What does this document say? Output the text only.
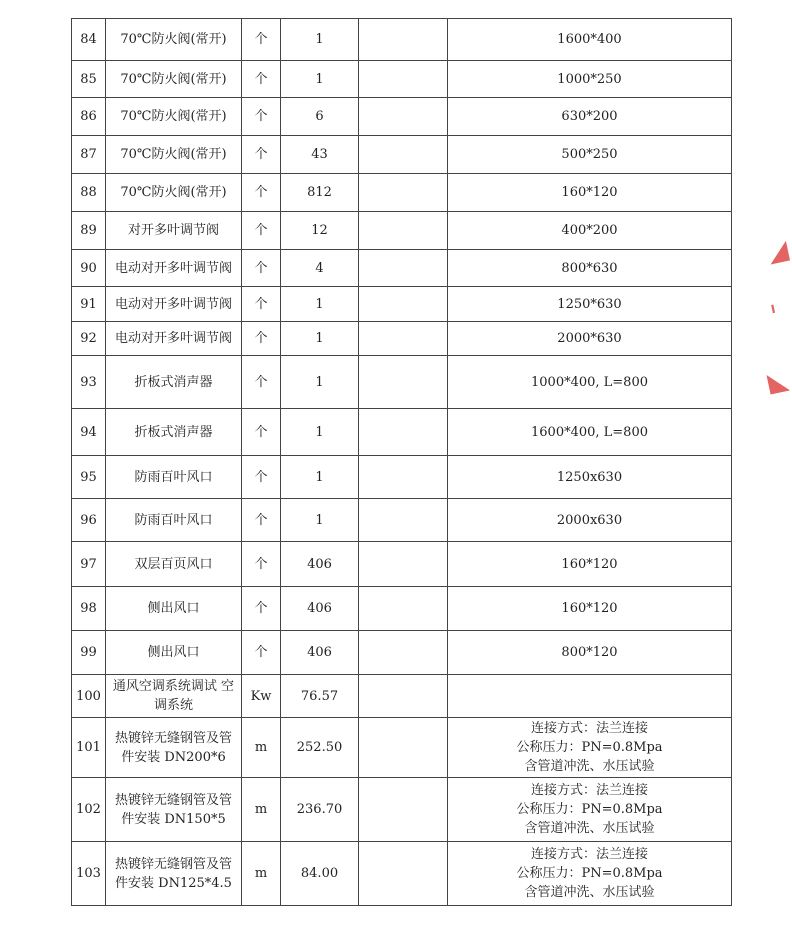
84	70℃防火阀(常开)	个	1		1600*400
85	70℃防火阀(常开)	个	1		1000*250
86	70℃防火阀(常开)	个	6		630*200
87	70℃防火阀(常开)	个	43		500*250
88	70℃防火阀(常开)	个	812		160*120
89	对开多叶调节阀	个	12		400*200
90	电动对开多叶调节阀	个	4		800*630
91	电动对开多叶调节阀	个	1		1250*630
92	电动对开多叶调节阀	个	1		2000*630
93	折板式消声器	个	1		1000*400, L=800
94	折板式消声器	个	1		1600*400, L=800
95	防雨百叶风口	个	1		1250x630
96	防雨百叶风口	个	1		2000x630
97	双层百页风口	个	406		160*120
98	侧出风口	个	406		160*120
99	侧出风口	个	406		800*120
100	通风空调系统调试 空调系统	Kw	76.57		
101	热镀锌无缝钢管及管件安装 DN200*6	m	252.50		连接方式：法兰连接
公称压力：PN=0.8Mpa
含管道冲洗、水压试验
102	热镀锌无缝钢管及管件安装 DN150*5	m	236.70		连接方式：法兰连接
公称压力：PN=0.8Mpa
含管道冲洗、水压试验
103	热镀锌无缝钢管及管件安装 DN125*4.5	m	84.00		连接方式：法兰连接
公称压力：PN=0.8Mpa
含管道冲洗、水压试验
◢
╻
◣
